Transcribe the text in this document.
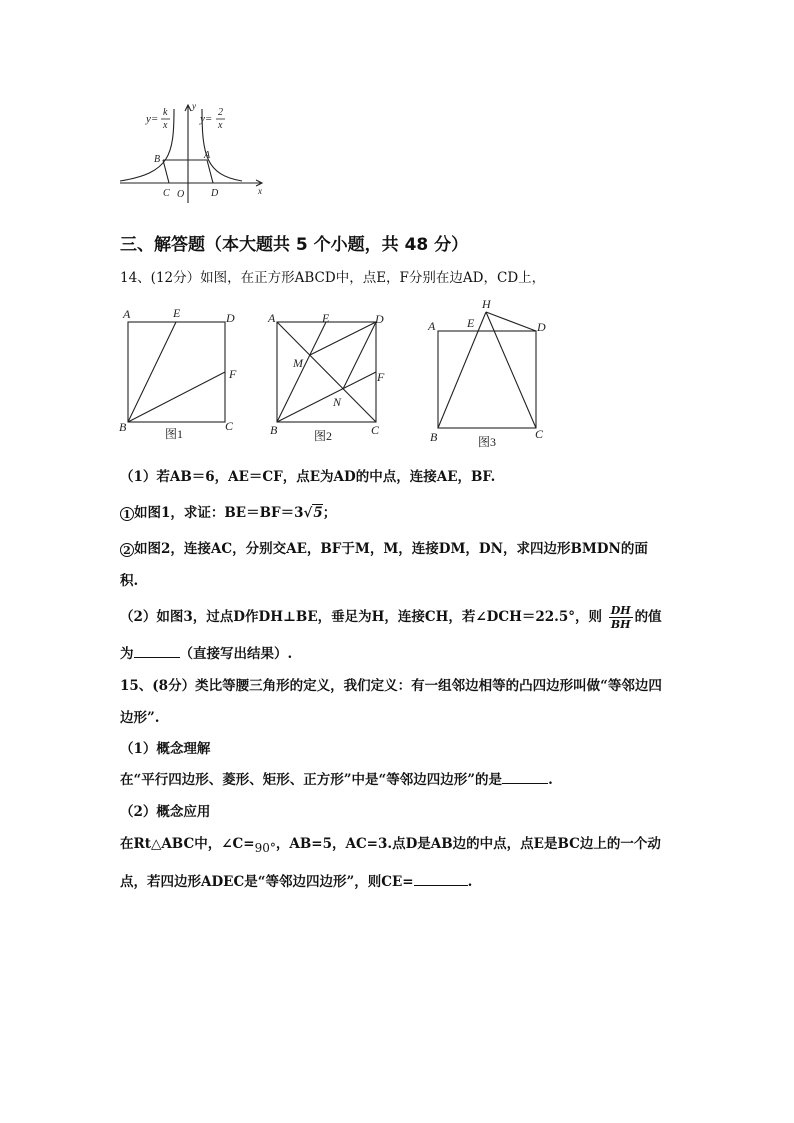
y=
k
x
y=
2
x
y
x
A
B
C O	D
三、解答题（本大题共 5 个小题，共 48 分）
14、(12分）如图，在正方形ABCD中，点E，F分别在边AD，CD上，
A	E	D
F
B	C
图1
A	E	D
M
F
N
B	C
图2
H
A	E	D
B	C
图3
（1）若AB＝6，AE＝CF，点E为AD的中点，连接AE，BF.
1 如图1，求证：BE＝BF＝3√5；
2 如图2，连接AC，分别交AE，BF于M，M，连接DM，DN，求四边形BMDN的面
积.
（2）如图3，过点D作DH⊥BE，垂足为H，连接CH，若∠DCH＝22.5°，则 $\frac{DH}{BH}$ 的值
为	（直接写出结果）.
15、(8分）类比等腰三角形的定义，我们定义：有一组邻边相等的凸四边形叫做“等邻边四
边形”.
（1）概念理解
在“平行四边形、菱形、矩形、正方形”中是“等邻边四边形”的是	.
（2）概念应用
在Rt△ABC中，∠C=90°，AB=5，AC=3.点D是AB边的中点，点E是BC边上的一个动
点，若四边形ADEC是“等邻边四边形”，则CE=	.
